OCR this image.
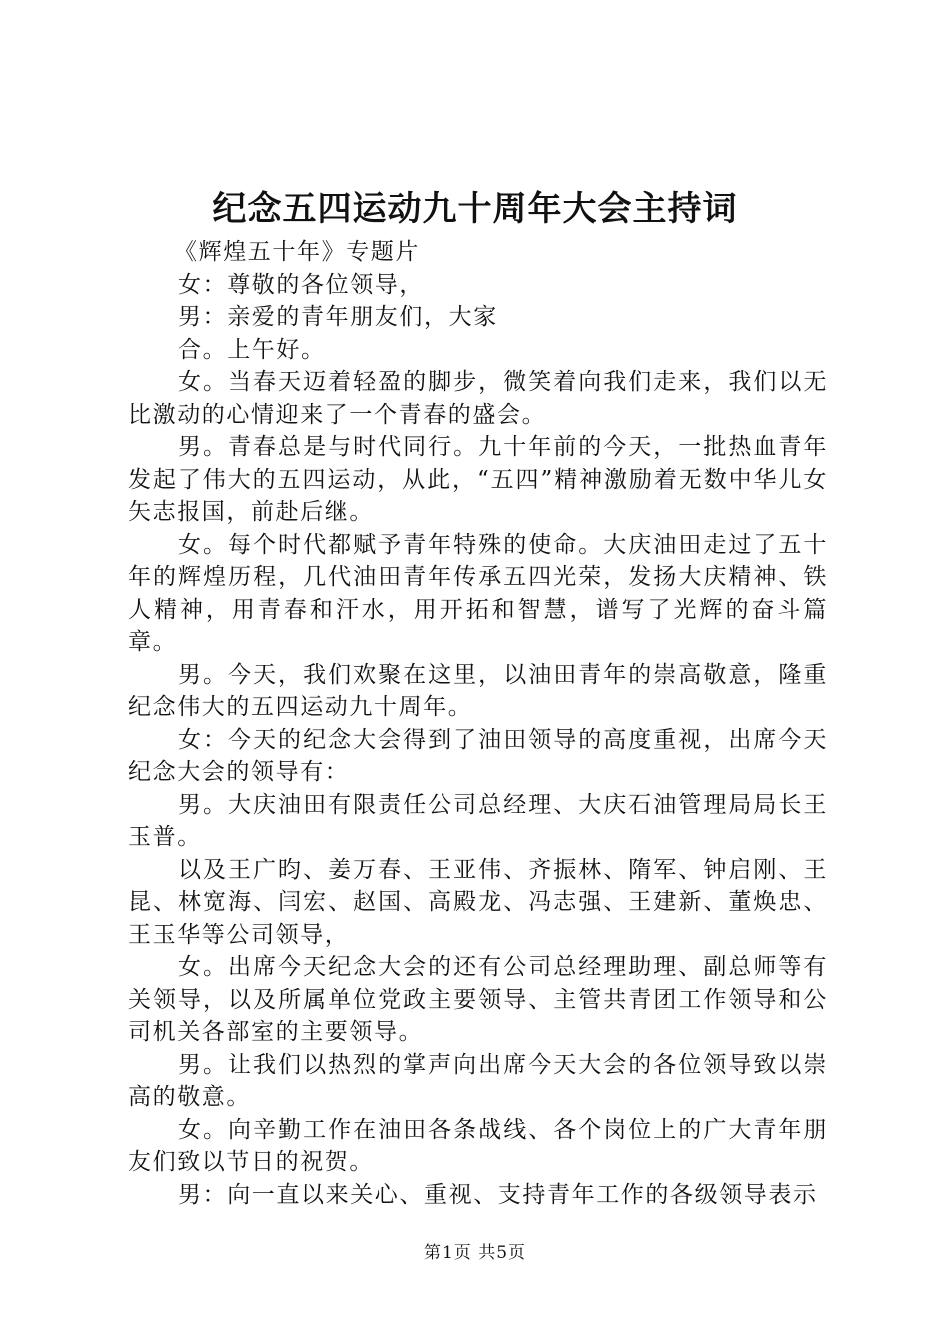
纪念五四运动九十周年大会主持词

《辉煌五十年》专题片

女：尊敬的各位领导，

男：亲爱的青年朋友们，大家

合。上午好。

女。当春天迈着轻盈的脚步，微笑着向我们走来，我们以无比激动的心情迎来了一个青春的盛会。

男。青春总是与时代同行。九十年前的今天，一批热血青年发起了伟大的五四运动，从此，“五四”精神激励着无数中华儿女矢志报国，前赴后继。

女。每个时代都赋予青年特殊的使命。大庆油田走过了五十年的辉煌历程，几代油田青年传承五四光荣，发扬大庆精神、铁人精神，用青春和汗水，用开拓和智慧，谱写了光辉的奋斗篇章。

男。今天，我们欢聚在这里，以油田青年的崇高敬意，隆重纪念伟大的五四运动九十周年。

女：今天的纪念大会得到了油田领导的高度重视，出席今天纪念大会的领导有：

男。大庆油田有限责任公司总经理、大庆石油管理局局长王玉普。

以及王广昀、姜万春、王亚伟、齐振林、隋军、钟启刚、王昆、林宽海、闫宏、赵国、高殿龙、冯志强、王建新、董焕忠、王玉华等公司领导，

女。出席今天纪念大会的还有公司总经理助理、副总师等有关领导，以及所属单位党政主要领导、主管共青团工作领导和公司机关各部室的主要领导。

男。让我们以热烈的掌声向出席今天大会的各位领导致以崇高的敬意。

女。向辛勤工作在油田各条战线、各个岗位上的广大青年朋友们致以节日的祝贺。

男：向一直以来关心、重视、支持青年工作的各级领导表示

第1页 共5页
